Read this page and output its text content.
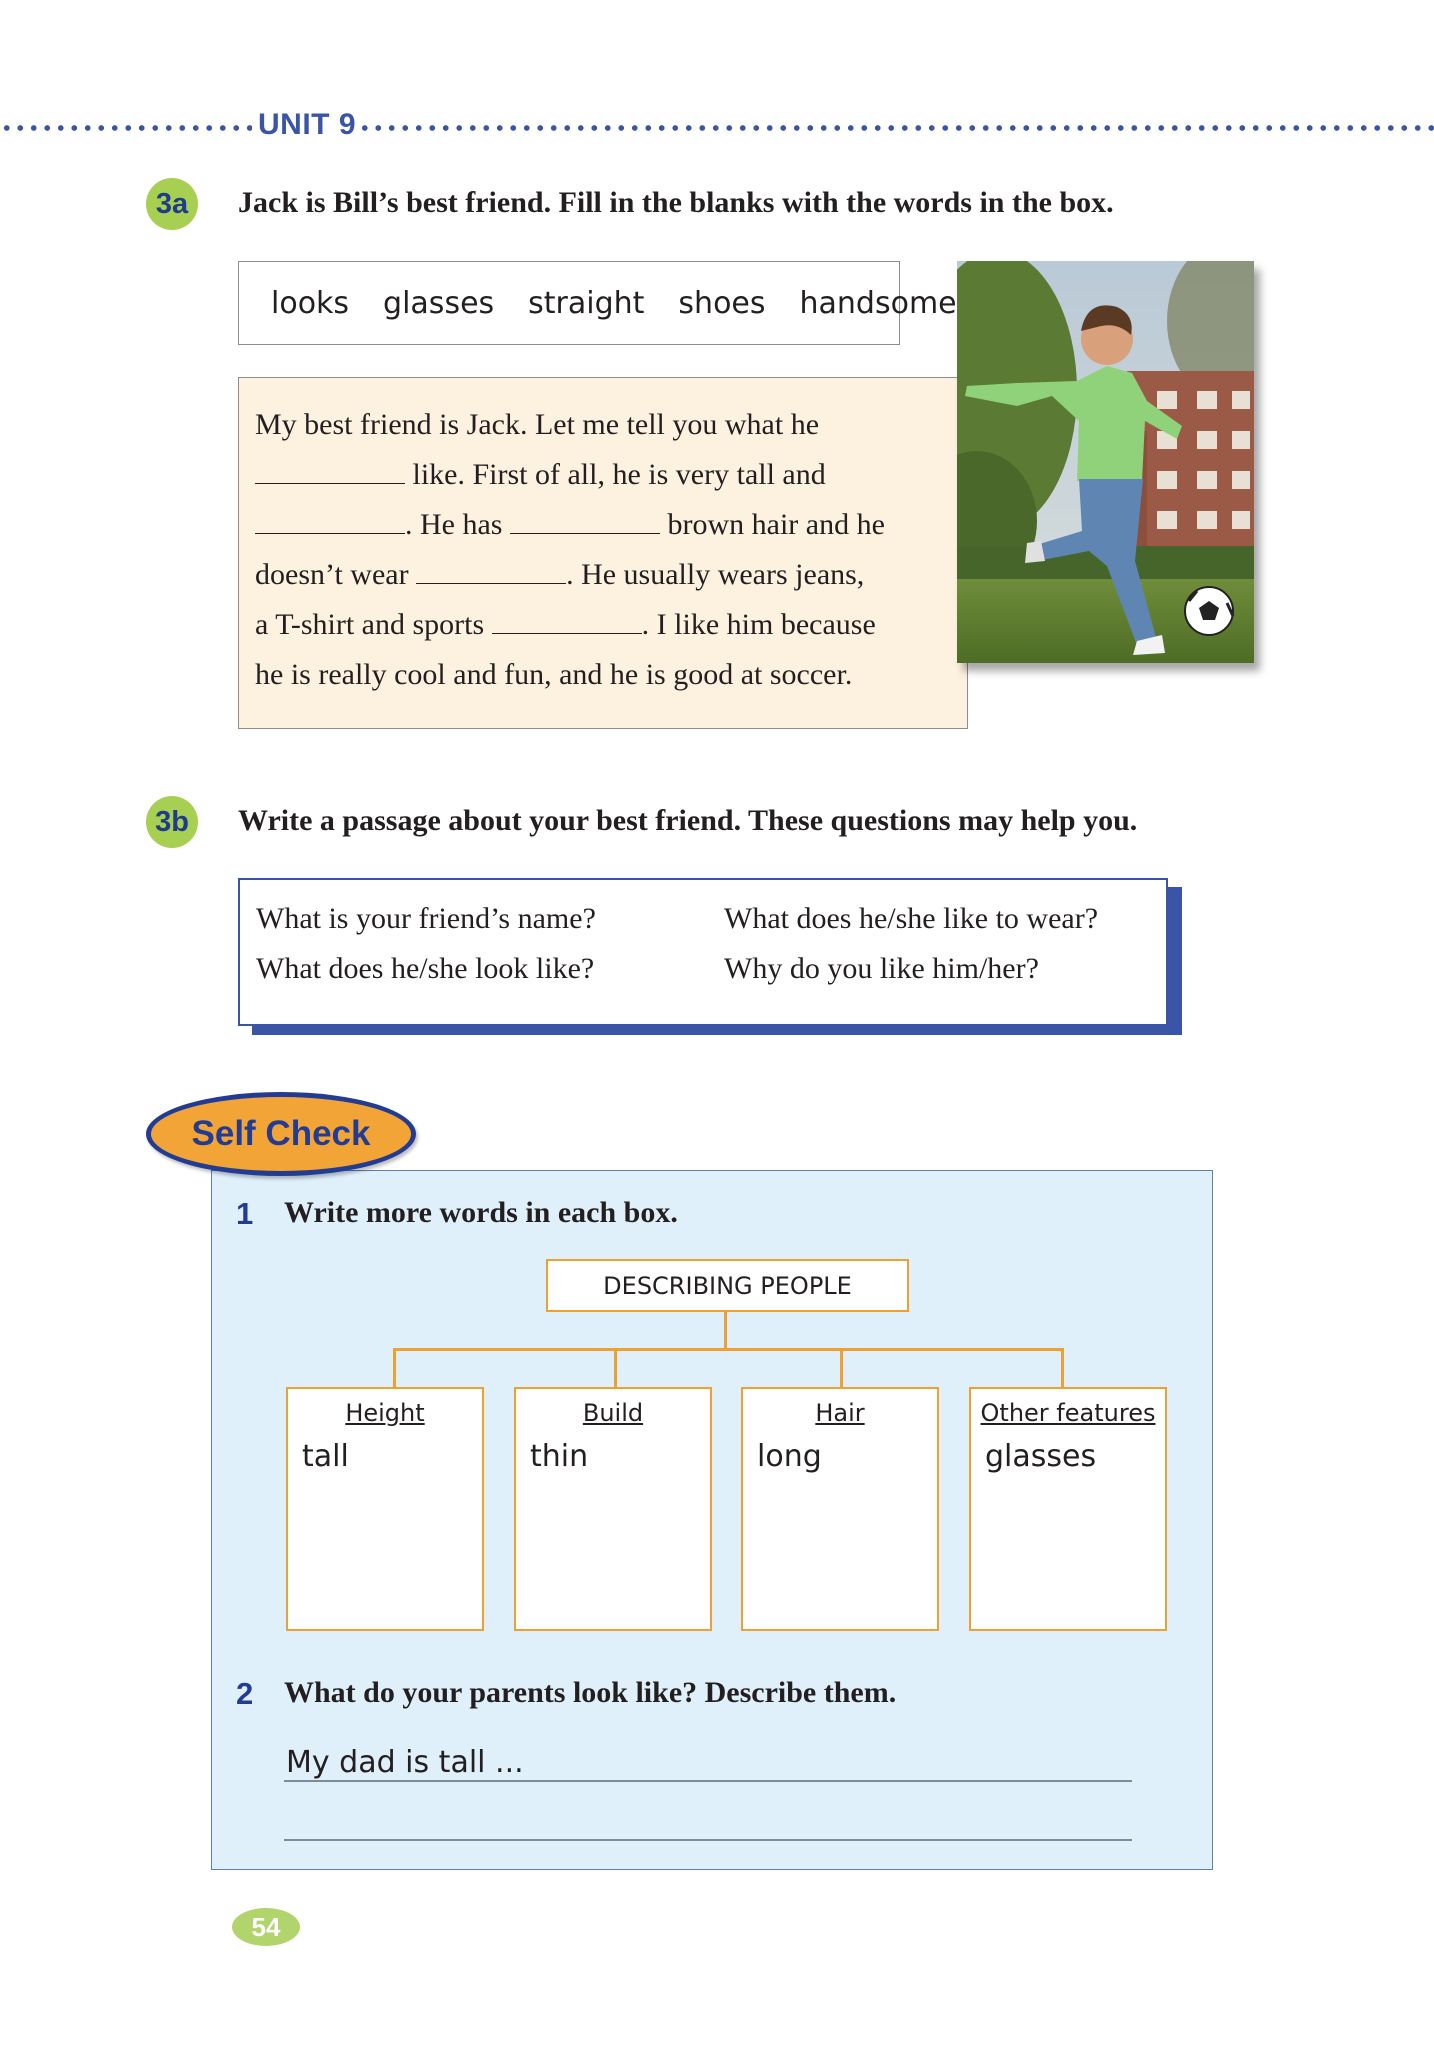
UNIT 9
3a	Jack is Bill’s best friend. Fill in the blanks with the words in the box.
looks glasses straight shoes handsome
My best friend is Jack. Let me tell you what he
like. First of all, he is very tall and
. He has	brown hair and he
doesn’t wear	. He usually wears jeans,
a T-shirt and sports	. I like him because
he is really cool and fun, and he is good at soccer.
3b	Write a passage about your best friend. These questions may help you.
What is your friend’s name?
What does he/she look like?
What does he/she like to wear?
Why do you like him/her?
Self Check
1 Write more words in each box.
DESCRIBING PEOPLE
Height
tall
Build
thin
Hair
long
Other features
glasses
2 What do your parents look like? Describe them.
My dad is tall ...
54
